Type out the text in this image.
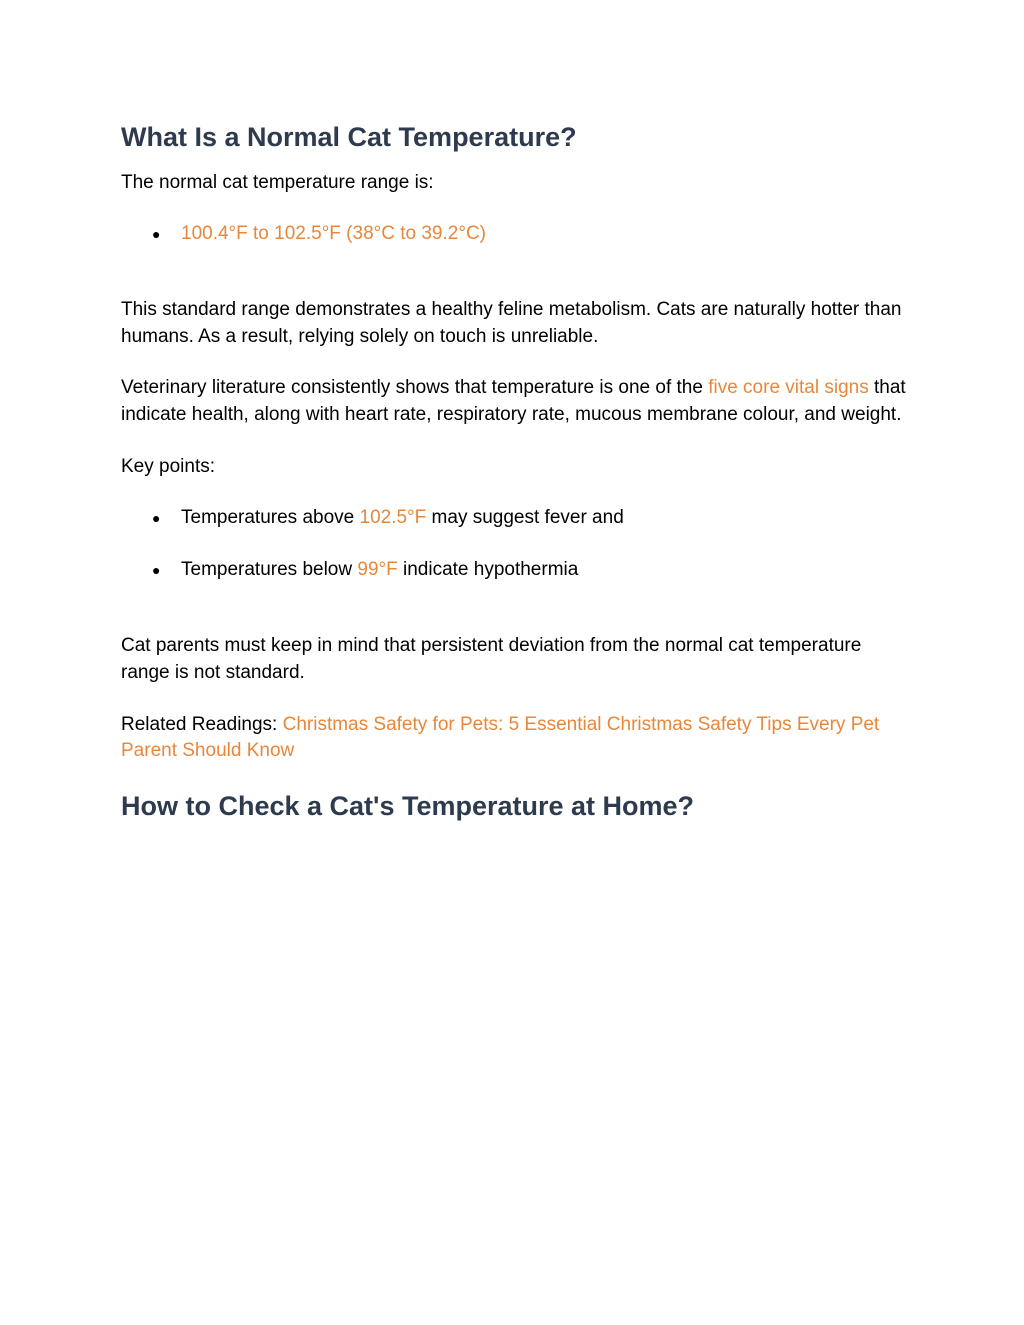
What Is a Normal Cat Temperature?

The normal cat temperature range is:

● 100.4°F to 102.5°F (38°C to 39.2°C)

This standard range demonstrates a healthy feline metabolism. Cats are naturally hotter than humans. As a result, relying solely on touch is unreliable.

Veterinary literature consistently shows that temperature is one of the five core vital signs that indicate health, along with heart rate, respiratory rate, mucous membrane colour, and weight.

Key points:

● Temperatures above 102.5°F may suggest fever and
● Temperatures below 99°F indicate hypothermia

Cat parents must keep in mind that persistent deviation from the normal cat temperature range is not standard.

Related Readings: Christmas Safety for Pets: 5 Essential Christmas Safety Tips Every Pet Parent Should Know

How to Check a Cat's Temperature at Home?
